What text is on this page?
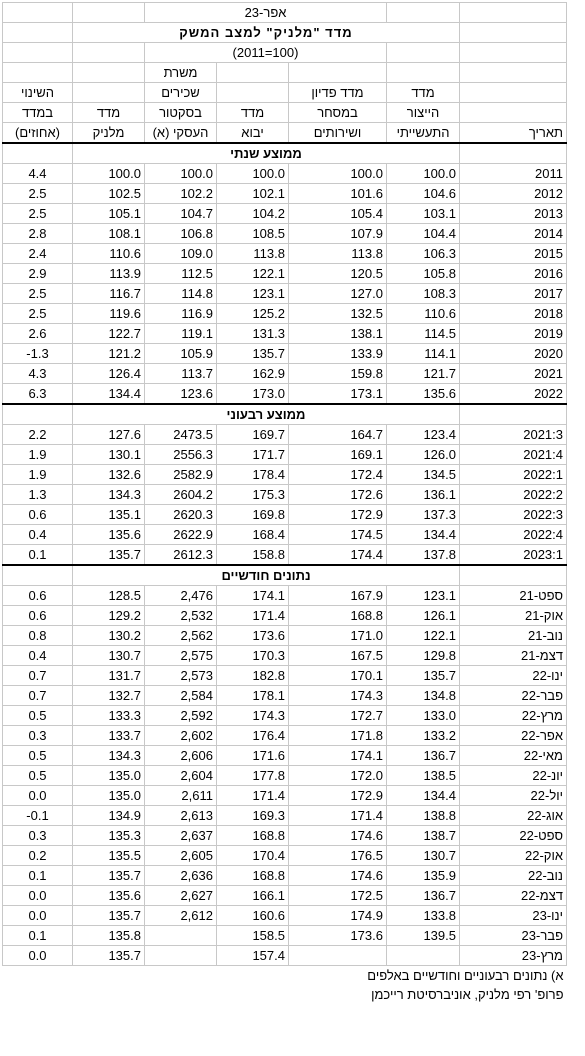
		אפר-23				
	מדד "מלניק" למצב המשק					
		(2011=100)				
		משרת				
השינוי		שכירים		מדד פדיון	מדד	
במדד	מדד	בסקטור	מדד	במסחר	הייצור	
(אחוזים)	מלניק	העסקי (א)	יבוא	ושירותים	התעשייתי	תאריך
	ממוצע שנתי					
4.4	100.0	100.0	100.0	100.0	100.0	2011
2.5	102.5	102.2	102.1	101.6	104.6	2012
2.5	105.1	104.7	104.2	105.4	103.1	2013
2.8	108.1	106.8	108.5	107.9	104.4	2014
2.4	110.6	109.0	113.8	113.8	106.3	2015
2.9	113.9	112.5	122.1	120.5	105.8	2016
2.5	116.7	114.8	123.1	127.0	108.3	2017
2.5	119.6	116.9	125.2	132.5	110.6	2018
2.6	122.7	119.1	131.3	138.1	114.5	2019
-1.3	121.2	105.9	135.7	133.9	114.1	2020
4.3	126.4	113.7	162.9	159.8	121.7	2021
6.3	134.4	123.6	173.0	173.1	135.6	2022
	ממוצע רבעוני					
2.2	127.6	2473.5	169.7	164.7	123.4	2021:3
1.9	130.1	2556.3	171.7	169.1	126.0	2021:4
1.9	132.6	2582.9	178.4	172.4	134.5	2022:1
1.3	134.3	2604.2	175.3	172.6	136.1	2022:2
0.6	135.1	2620.3	169.8	172.9	137.3	2022:3
0.4	135.6	2622.9	168.4	174.5	134.4	2022:4
0.1	135.7	2612.3	158.8	174.4	137.8	2023:1
	נתונים חודשיים					
0.6	128.5	2,476	174.1	167.9	123.1	ספט-21
0.6	129.2	2,532	171.4	168.8	126.1	אוק-21
0.8	130.2	2,562	173.6	171.0	122.1	נוב-21
0.4	130.7	2,575	170.3	167.5	129.8	דצמ-21
0.7	131.7	2,573	182.8	170.1	135.7	ינו-22
0.7	132.7	2,584	178.1	174.3	134.8	פבר-22
0.5	133.3	2,592	174.3	172.7	133.0	מרץ-22
0.3	133.7	2,602	176.4	171.8	133.2	אפר-22
0.5	134.3	2,606	171.6	174.1	136.7	מאי-22
0.5	135.0	2,604	177.8	172.0	138.5	יונ-22
0.0	135.0	2,611	171.4	172.9	134.4	יול-22
-0.1	134.9	2,613	169.3	171.4	138.8	אוג-22
0.3	135.3	2,637	168.8	174.6	138.7	ספט-22
0.2	135.5	2,605	170.4	176.5	130.7	אוק-22
0.1	135.7	2,636	168.8	174.6	135.9	נוב-22
0.0	135.6	2,627	166.1	172.5	136.7	דצמ-22
0.0	135.7	2,612	160.6	174.9	133.8	ינו-23
0.1	135.8		158.5	173.6	139.5	פבר-23
0.0	135.7		157.4			מרץ-23
א) נתונים רבעוניים וחודשיים באלפים						
פרופ' רפי מלניק, אוניברסיטת רייכמן						
